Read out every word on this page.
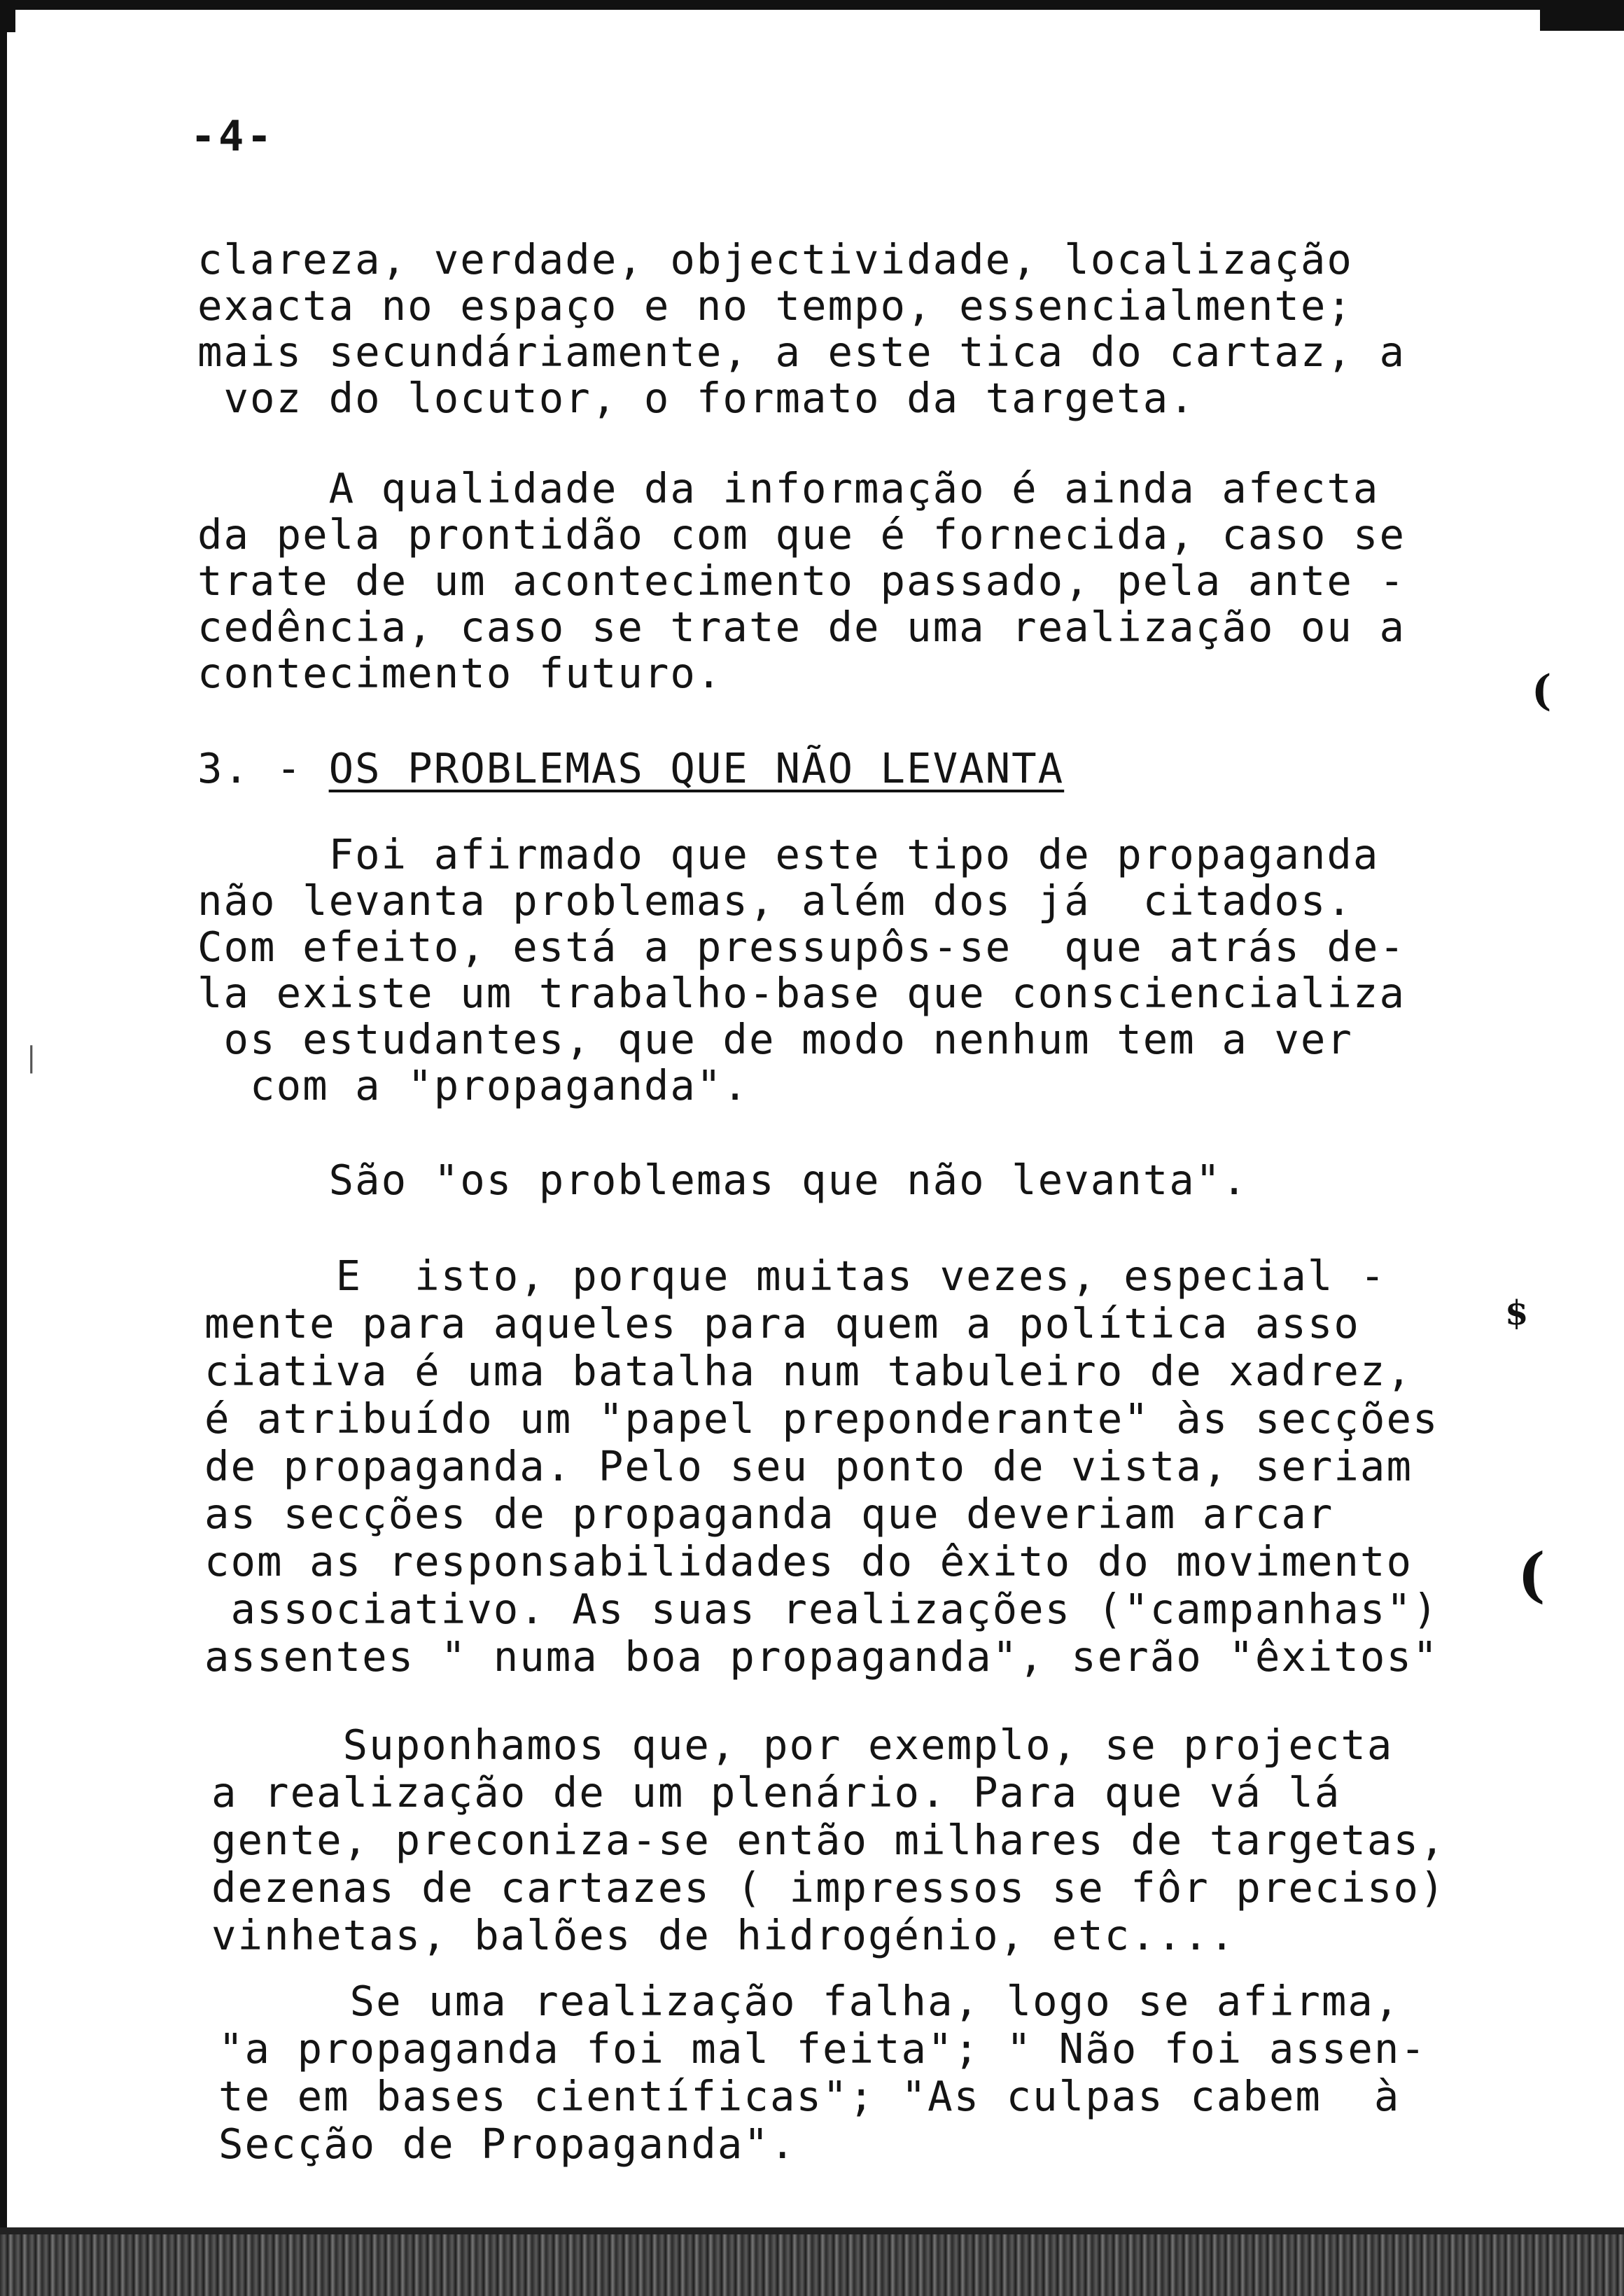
-4-
clareza, verdade, objectividade, localização
exacta no espaço e no tempo, essencialmente;
mais secundáriamente, a este tica do cartaz, a
voz do locutor, o formato da targeta.
A qualidade da informação é ainda afecta
da pela prontidão com que é fornecida, caso se
trate de um acontecimento passado, pela ante -
cedência, caso se trate de uma realização ou a
contecimento futuro.
3. - OS PROBLEMAS QUE NÃO LEVANTA
Foi afirmado que este tipo de propaganda
não levanta problemas, além dos já  citados.
Com efeito, está a pressupôs-se  que atrás de-
la existe um trabalho-base que consciencializa
os estudantes, que de modo nenhum tem a ver
com a "propaganda".
São "os problemas que não levanta".
E  isto, porque muitas vezes, especial -
mente para aqueles para quem a política asso
ciativa é uma batalha num tabuleiro de xadrez,
é atribuído um "papel preponderante" às secções
de propaganda. Pelo seu ponto de vista, seriam
as secções de propaganda que deveriam arcar
com as responsabilidades do êxito do movimento
associativo. As suas realizações ("campanhas")
assentes " numa boa propaganda", serão "êxitos"
Suponhamos que, por exemplo, se projecta
a realização de um plenário. Para que vá lá
gente, preconiza-se então milhares de targetas,
dezenas de cartazes ( impressos se fôr preciso)
vinhetas, balões de hidrogénio, etc....
Se uma realização falha, logo se afirma,
"a propaganda foi mal feita"; " Não foi assen-
te em bases científicas"; "As culpas cabem  à
Secção de Propaganda".
(
$
(
|
